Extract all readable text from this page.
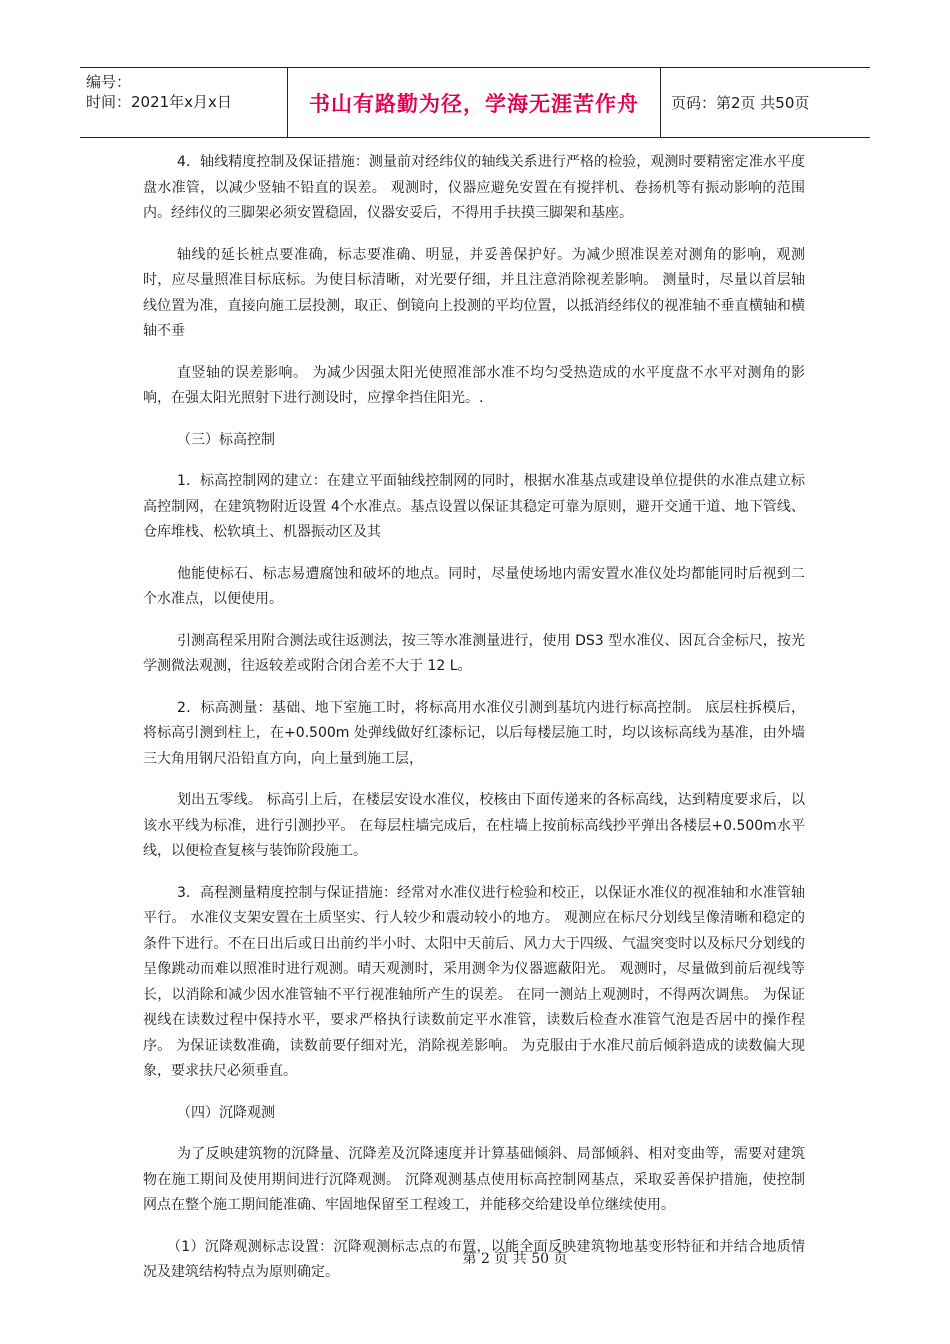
编号：
时间：2021年x月x日	书山有路勤为径，学海无涯苦作舟	页码：第2页 共50页

4．轴线精度控制及保证措施：测量前对经纬仪的轴线关系进行严格的检验，观测时要精密定准水平度盘水准管，以减少竖轴不铅直的误差。 观测时，仪器应避免安置在有搅拌机、卷扬机等有振动影响的范围内。经纬仪的三脚架必须安置稳固，仪器安妥后，不得用手扶摸三脚架和基座。

轴线的延长桩点要准确，标志要准确、明显，并妥善保护好。为减少照准误差对测角的影响，观测时，应尽量照准目标底标。为使目标清晰，对光要仔细，并且注意消除视差影响。 测量时，尽量以首层轴线位置为准，直接向施工层投测，取正、倒镜向上投测的平均位置，以抵消经纬仪的视准轴不垂直横轴和横轴不垂

直竖轴的误差影响。 为减少因强太阳光使照准部水准不均匀受热造成的水平度盘不水平对测角的影响，在强太阳光照射下进行测设时，应撑伞挡住阳光。.

（三）标高控制

1．标高控制网的建立：在建立平面轴线控制网的同时，根据水准基点或建设单位提供的水准点建立标高控制网，在建筑物附近设置 4个水准点。基点设置以保证其稳定可靠为原则，避开交通干道、地下管线、仓库堆栈、松软填土、机器振动区及其

他能使标石、标志易遭腐蚀和破坏的地点。同时，尽量使场地内需安置水准仪处均都能同时后视到二个水准点，以便使用。

引测高程采用附合测法或往返测法，按三等水准测量进行，使用 DS3 型水准仪、因瓦合金标尺，按光学测微法观测，往返较差或附合闭合差不大于 12 L。

2．标高测量：基础、地下室施工时，将标高用水准仪引测到基坑内进行标高控制。 底层柱拆模后，将标高引测到柱上，在+0.500m 处弹线做好红漆标记，以后每楼层施工时，均以该标高线为基准，由外墙三大角用钢尺沿铅直方向，向上量到施工层，

划出五零线。 标高引上后，在楼层安设水准仪，校核由下面传递来的各标高线，达到精度要求后，以该水平线为标准，进行引测抄平。 在每层柱墙完成后，在柱墙上按前标高线抄平弹出各楼层+0.500m水平线，以便检查复核与装饰阶段施工。

3．高程测量精度控制与保证措施：经常对水准仪进行检验和校正，以保证水准仪的视准轴和水准管轴平行。 水准仪支架安置在土质坚实、行人较少和震动较小的地方。 观测应在标尺分划线呈像清晰和稳定的条件下进行。不在日出后或日出前约半小时、太阳中天前后、风力大于四级、气温突变时以及标尺分划线的呈像跳动而难以照准时进行观测。晴天观测时，采用测伞为仪器遮蔽阳光。 观测时，尽量做到前后视线等长，以消除和减少因水准管轴不平行视准轴所产生的误差。 在同一测站上观测时，不得两次调焦。 为保证视线在读数过程中保持水平，要求严格执行读数前定平水准管，读数后检查水准管气泡是否居中的操作程序。 为保证读数准确，读数前要仔细对光，消除视差影响。 为克服由于水准尺前后倾斜造成的读数偏大现象，要求扶尺必须垂直。

（四）沉降观测

为了反映建筑物的沉降量、沉降差及沉降速度并计算基础倾斜、局部倾斜、相对变曲等，需要对建筑物在施工期间及使用期间进行沉降观测。 沉降观测基点使用标高控制网基点，采取妥善保护措施，使控制网点在整个施工期间能准确、牢固地保留至工程竣工，并能移交给建设单位继续使用。

（1）沉降观测标志设置：沉降观测标志点的布置，以能全面反映建筑物地基变形特征和并结合地质情况及建筑结构特点为原则确定。

第 2 页 共 50 页
